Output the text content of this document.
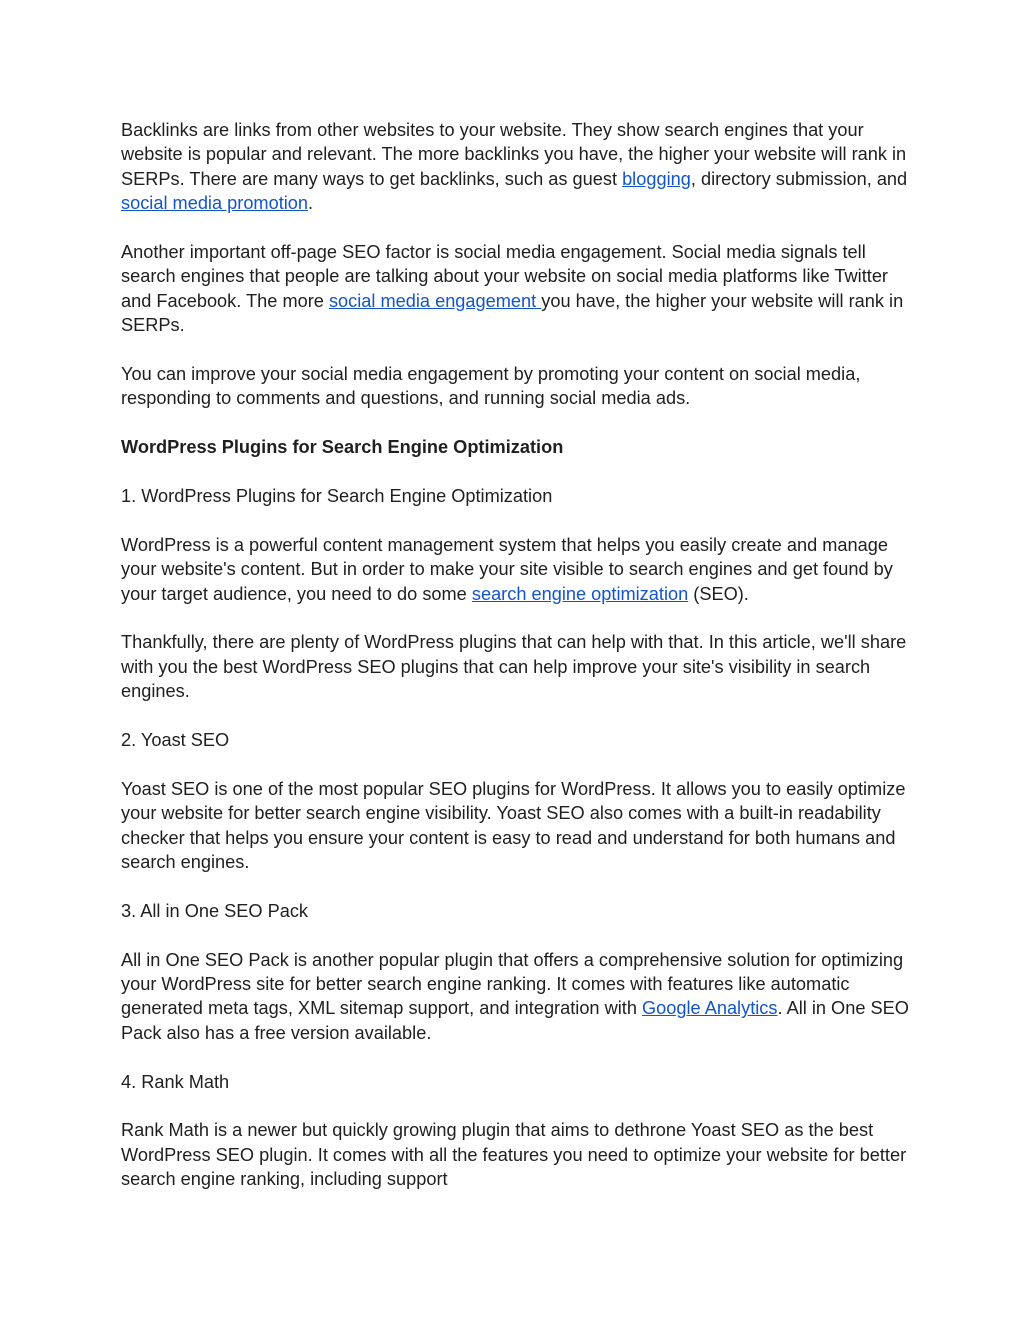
Backlinks are links from other websites to your website. They show search engines that your website is popular and relevant. The more backlinks you have, the higher your website will rank in SERPs. There are many ways to get backlinks, such as guest blogging, directory submission, and social media promotion.

Another important off-page SEO factor is social media engagement. Social media signals tell search engines that people are talking about your website on social media platforms like Twitter and Facebook. The more social media engagement you have, the higher your website will rank in SERPs.

You can improve your social media engagement by promoting your content on social media, responding to comments and questions, and running social media ads.

WordPress Plugins for Search Engine Optimization

1. WordPress Plugins for Search Engine Optimization

WordPress is a powerful content management system that helps you easily create and manage your website's content. But in order to make your site visible to search engines and get found by your target audience, you need to do some search engine optimization (SEO).

Thankfully, there are plenty of WordPress plugins that can help with that. In this article, we'll share with you the best WordPress SEO plugins that can help improve your site's visibility in search engines.

2. Yoast SEO

Yoast SEO is one of the most popular SEO plugins for WordPress. It allows you to easily optimize your website for better search engine visibility. Yoast SEO also comes with a built-in readability checker that helps you ensure your content is easy to read and understand for both humans and search engines.

3. All in One SEO Pack

All in One SEO Pack is another popular plugin that offers a comprehensive solution for optimizing your WordPress site for better search engine ranking. It comes with features like automatic generated meta tags, XML sitemap support, and integration with Google Analytics. All in One SEO Pack also has a free version available.

4. Rank Math

Rank Math is a newer but quickly growing plugin that aims to dethrone Yoast SEO as the best WordPress SEO plugin. It comes with all the features you need to optimize your website for better search engine ranking, including support
